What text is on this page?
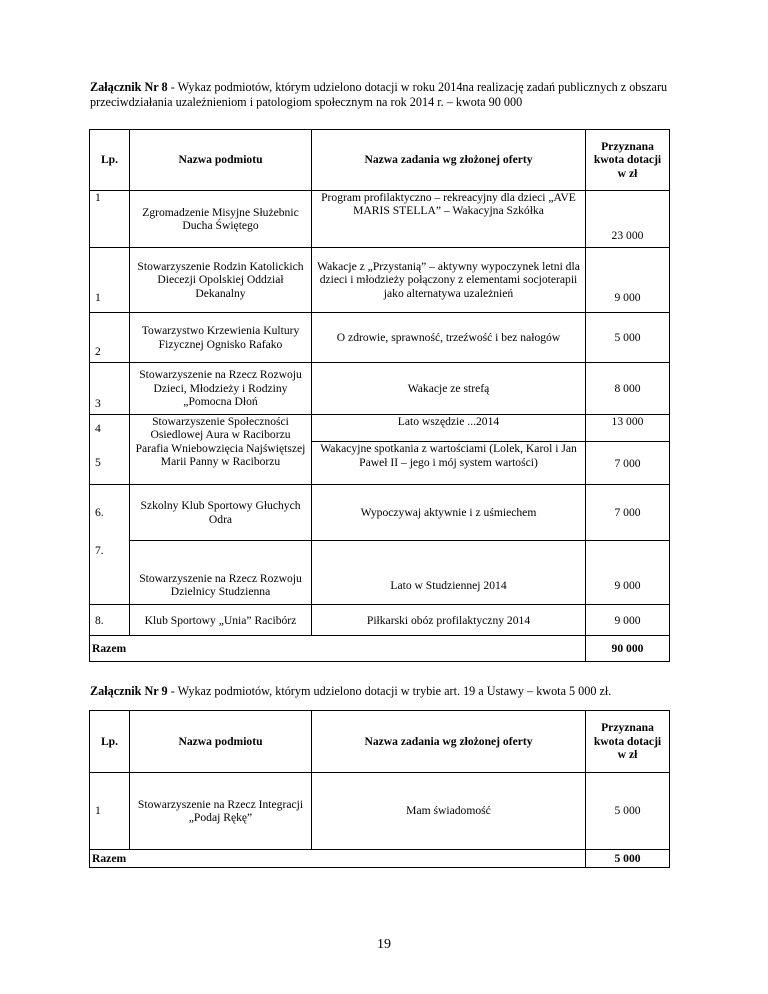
Załącznik Nr 8 - Wykaz podmiotów, którym udzielono dotacji w roku 2014na realizację zadań publicznych z obszaru przeciwdziałania uzależnieniom i patologiom społecznym na rok 2014 r. – kwota 90 000
Lp.	Nazwa podmiotu	Nazwa zadania wg złożonej oferty	Przyznana kwota dotacji w zł
1	Zgromadzenie Misyjne Służebnic Ducha Świętego	Program profilaktyczno – rekreacyjny dla dzieci „AVE MARIS STELLA” – Wakacyjna Szkółka	23 000
1	Stowarzyszenie Rodzin Katolickich Diecezji Opolskiej Oddział Dekanalny	Wakacje z „Przystanią” – aktywny wypoczynek letni dla dzieci i młodzieży połączony z elementami socjoterapii jako alternatywa uzależnień	9 000
2	Towarzystwo Krzewienia Kultury Fizycznej Ognisko Rafako	O zdrowie, sprawność, trzeźwość i bez nałogów	5 000
3	Stowarzyszenie na Rzecz Rozwoju Dzieci, Młodzieży i Rodziny „Pomocna Dłoń	Wakacje ze strefą	8 000
4	Stowarzyszenie Społeczności Osiedlowej Aura w Raciborzu	Lato wszędzie ...2014	13 000
5	Parafia Wniebowzięcia Najświętszej Marii Panny w Raciborzu	Wakacyjne spotkania z wartościami (Lolek, Karol i Jan Paweł II – jego i mój system wartości)	7 000
6.	Szkolny Klub Sportowy Głuchych Odra	Wypoczywaj aktywnie i z uśmiechem	7 000
7.	Stowarzyszenie na Rzecz Rozwoju Dzielnicy Studzienna	Lato w Studziennej 2014	9 000
8.	Klub Sportowy „Unia” Racibórz	Piłkarski obóz profilaktyczny 2014	9 000
Razem			90 000
Załącznik Nr 9 - Wykaz podmiotów, którym udzielono dotacji w trybie art. 19 a Ustawy – kwota 5 000 zł.
Lp.	Nazwa podmiotu	Nazwa zadania wg złożonej oferty	Przyznana kwota dotacji w zł
1	Stowarzyszenie na Rzecz Integracji „Podaj Rękę”	Mam świadomość	5 000
Razem			5 000
19
